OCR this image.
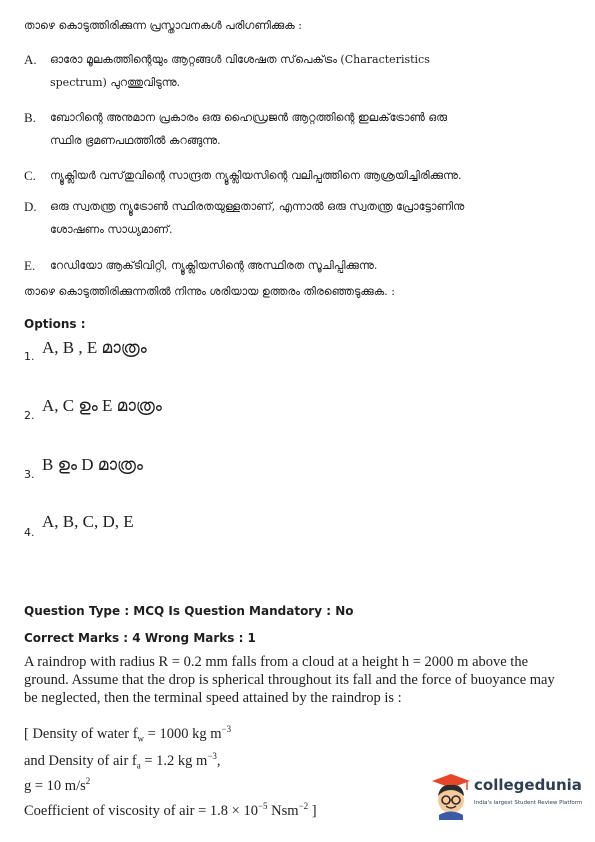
താഴെ കൊടുത്തിരിക്കുന്ന പ്രസ്താവനകൾ പരിഗണിക്കുക :
A. ഓരോ മൂലകത്തിന്റെയും ആറ്റങ്ങൾ വിശേഷത സ്‌പെക്‌ട്രം (Characteristics spectrum) പുറത്തുവിടുന്നു.
B. ബോറിന്റെ അനുമാന പ്രകാരം ഒരു ഹൈഡ്രജൻ ആറ്റത്തിന്റെ ഇലക്‌ട്രോൺ ഒരു സ്ഥിര ഭ്രമണപഥത്തിൽ കറങ്ങുന്നു.
C. ന്യൂക്ലിയർ വസ്‌തുവിന്റെ സാന്ദ്രത ന്യൂക്ലിയസിന്റെ വലിപ്പത്തിനെ ആശ്രയിച്ചിരിക്കുന്നു.
D. ഒരു സ്വതന്ത്ര ന്യൂട്രോൺ സ്ഥിരതയുള്ളതാണ്, എന്നാൽ ഒരു സ്വതന്ത്ര പ്രോട്ടോണിനു ശോഷണം സാധ്യമാണ്.
E. റേഡിയോ ആക്‌ടിവിറ്റി, ന്യൂക്ലിയസിന്റെ അസ്ഥിരത സൂചിപ്പിക്കുന്നു.
താഴെ കൊടുത്തിരിക്കുന്നതിൽ നിന്നും ശരിയായ ഉത്തരം തിരഞ്ഞെടുക്കുക. :
Options :
1. A, B , E മാത്രം
2.
A, C ഉം E മാത്രം
3.
B ഉം D മാത്രം
4.
A, B, C, D, E
Question Type : MCQ Is Question Mandatory : No
Correct Marks : 4 Wrong Marks : 1
A raindrop with radius R = 0.2 mm falls from a cloud at a height h = 2000 m above the
ground. Assume that the drop is spherical throughout its fall and the force of buoyance may
be neglected, then the terminal speed attained by the raindrop is :
[ Density of water $f_w = 1000$ kg $m^{-3}$
and Density of air $f_a = 1.2$ kg $m^{-3}$,
g = 10 $m/s^2$
Coefficient of viscosity of air = $1.8 \times 10^{-5}$ Nsm$^{-2}$ ]
collegedunia
India's largest Student Review Platform
